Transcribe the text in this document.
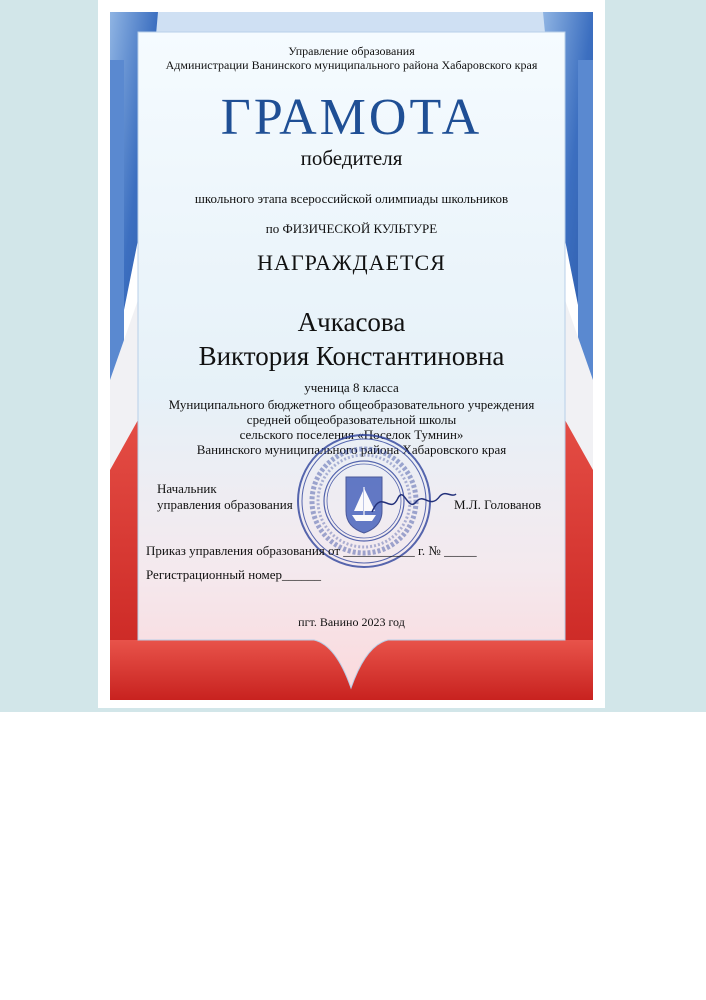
Управление образования

Администрации Ванинского муниципального района Хабаровского края

ГРАМОТА

победителя

школьного этапа всероссийской олимпиады школьников

по ФИЗИЧЕСКОЙ КУЛЬТУРЕ

НАГРАЖДАЕТСЯ

Ачкасова

Виктория Константиновна

ученица 8 класса

Муниципального бюджетного общеобразовательного учреждения

средней общеобразовательной школы

сельского поселения «Поселок Тумнин»

Ванинского муниципального района Хабаровского края

Начальник

управления образования	М.Л. Голованов

Приказ управления образования от ___________ г. № _____

Регистрационный номер______

пгт. Ванино 2023 год
